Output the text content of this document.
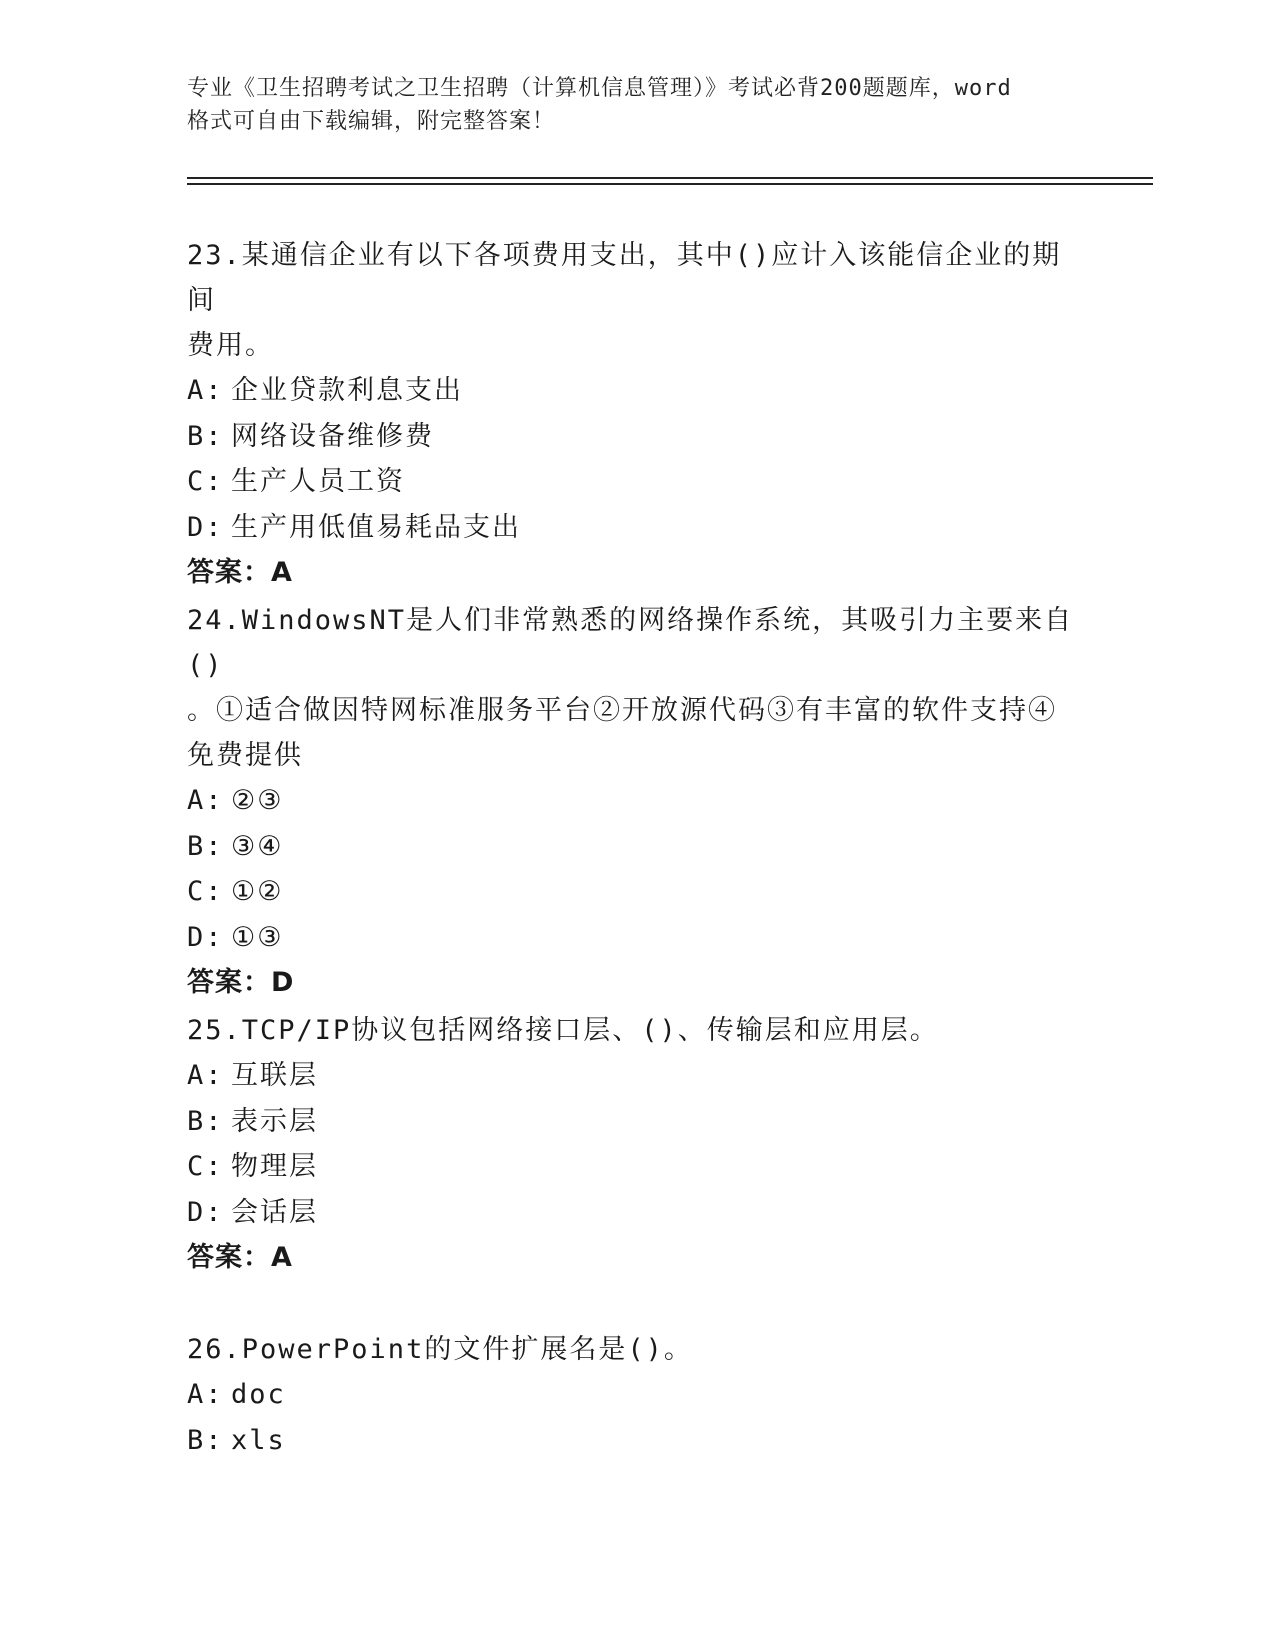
专业《卫生招聘考试之卫生招聘（计算机信息管理）》考试必背200题题库，word
格式可自由下载编辑，附完整答案！

23.某通信企业有以下各项费用支出，其中()应计入该能信企业的期间

费用。

A: 企业贷款利息支出

B: 网络设备维修费

C: 生产人员工资

D: 生产用低值易耗品支出

答案：A

24.WindowsNT是人们非常熟悉的网络操作系统，其吸引力主要来自()

。①适合做因特网标准服务平台②开放源代码③有丰富的软件支持④

免费提供

A: ②③

B: ③④

C: ①②

D: ①③

答案：D

25.TCP/IP协议包括网络接口层、()、传输层和应用层。

A: 互联层

B: 表示层

C: 物理层

D: 会话层

答案：A

26.PowerPoint的文件扩展名是()。

A: doc

B: xls
